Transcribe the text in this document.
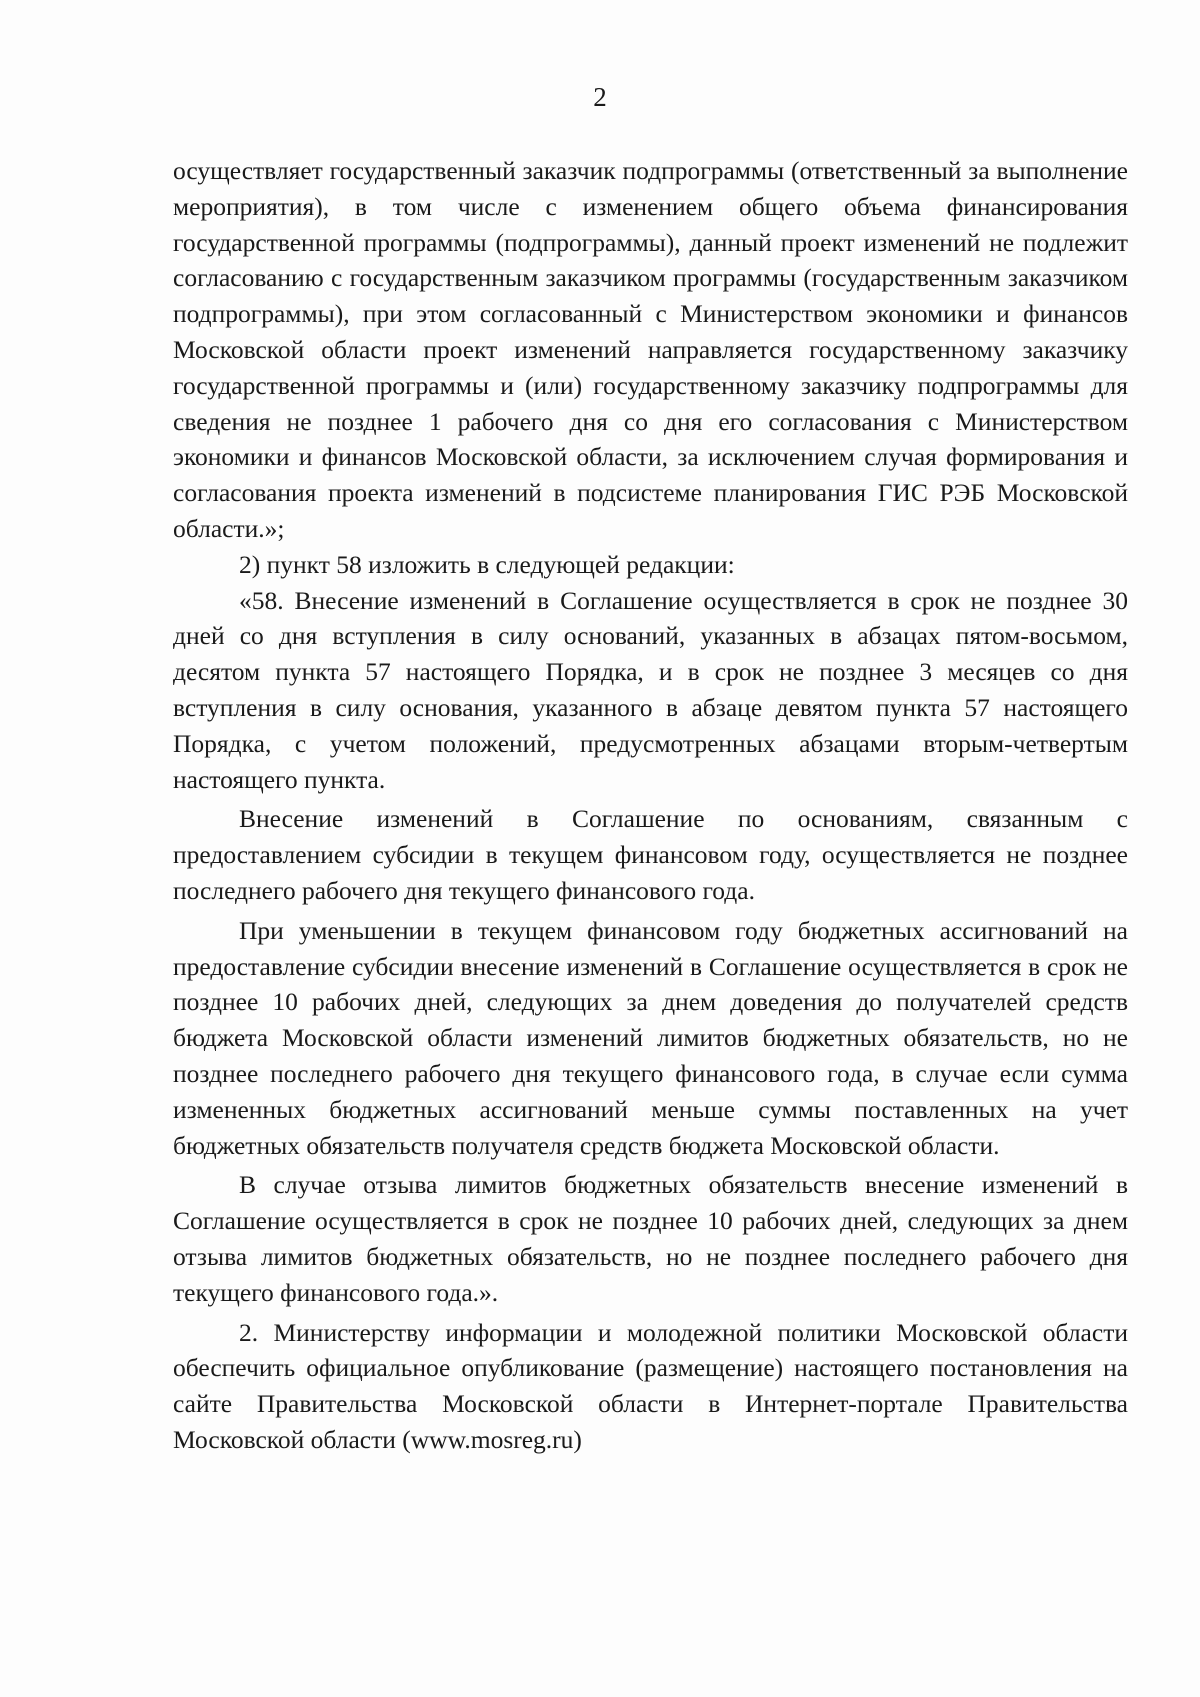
2

осуществляет государственный заказчик подпрограммы (ответственный за выполнение мероприятия), в том числе с изменением общего объема финансирования государственной программы (подпрограммы), данный проект изменений не подлежит согласованию с государственным заказчиком программы (государственным заказчиком подпрограммы), при этом согласованный с Министерством экономики и финансов Московской области проект изменений направляется государственному заказчику государственной программы и (или) государственному заказчику подпрограммы для сведения не позднее 1 рабочего дня со дня его согласования с Министерством экономики и финансов Московской области, за исключением случая формирования и согласования проекта изменений в подсистеме планирования ГИС РЭБ Московской области.»;

2) пункт 58 изложить в следующей редакции:

«58. Внесение изменений в Соглашение осуществляется в срок не позднее 30 дней со дня вступления в силу оснований, указанных в абзацах пятом-восьмом, десятом пункта 57 настоящего Порядка, и в срок не позднее 3 месяцев со дня вступления в силу основания, указанного в абзаце девятом пункта 57 настоящего Порядка, с учетом положений, предусмотренных абзацами вторым-четвертым настоящего пункта.

Внесение изменений в Соглашение по основаниям, связанным с предоставлением субсидии в текущем финансовом году, осуществляется не позднее последнего рабочего дня текущего финансового года.

При уменьшении в текущем финансовом году бюджетных ассигнований на предоставление субсидии внесение изменений в Соглашение осуществляется в срок не позднее 10 рабочих дней, следующих за днем доведения до получателей средств бюджета Московской области изменений лимитов бюджетных обязательств, но не позднее последнего рабочего дня текущего финансового года, в случае если сумма измененных бюджетных ассигнований меньше суммы поставленных на учет бюджетных обязательств получателя средств бюджета Московской области.

В случае отзыва лимитов бюджетных обязательств внесение изменений в Соглашение осуществляется в срок не позднее 10 рабочих дней, следующих за днем отзыва лимитов бюджетных обязательств, но не позднее последнего рабочего дня текущего финансового года.».

2. Министерству информации и молодежной политики Московской области обеспечить официальное опубликование (размещение) настоящего постановления на сайте Правительства Московской области в Интернет-портале Правительства Московской области (www.mosreg.ru)
